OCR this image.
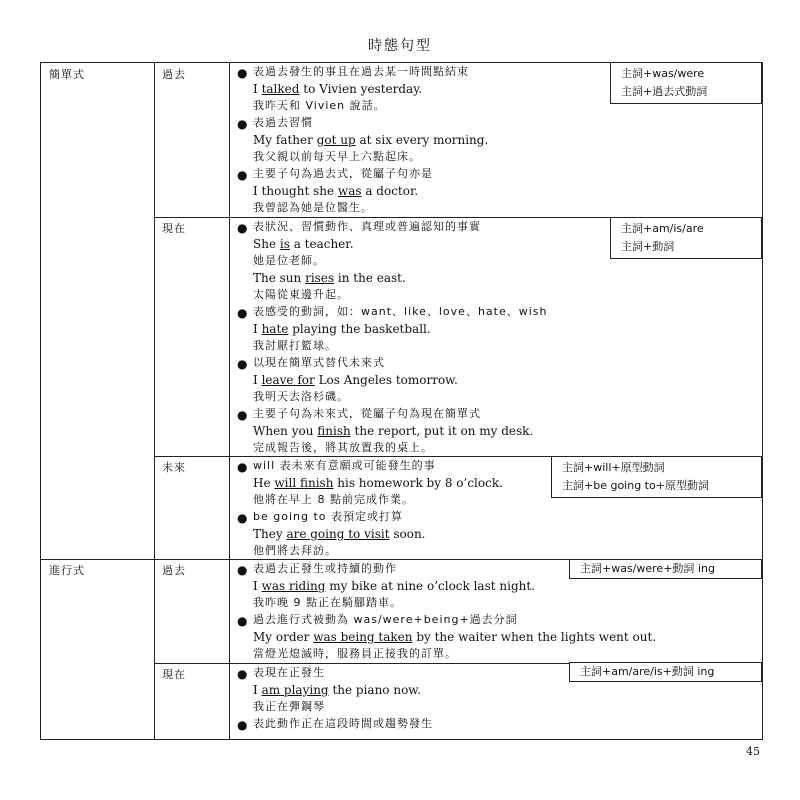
時態句型
簡單式
進行式
過去
現在
未來
過去
現在
● 表過去發生的事且在過去某一時間點結束
I talked to Vivien yesterday.
我昨天和 Vivien 說話。
● 表過去習慣
My father got up at six every morning.
我父親以前每天早上六點起床。
● 主要子句為過去式，從屬子句亦是
I thought she was a doctor.
我曾認為她是位醫生。
● 表狀況、習慣動作、真理或普遍認知的事實
She is a teacher.
她是位老師。
The sun rises in the east.
太陽從東邊升起。
● 表感受的動詞，如：want、like、love、hate、wish
I hate playing the basketball.
我討厭打籃球。
● 以現在簡單式替代未來式
I leave for Los Angeles tomorrow.
我明天去洛杉磯。
● 主要子句為未來式，從屬子句為現在簡單式
When you finish the report, put it on my desk.
完成報告後，將其放置我的桌上。
● will 表未來有意願或可能發生的事
He will finish his homework by 8 o’clock.
他將在早上 8 點前完成作業。
● be going to 表預定或打算
They are going to visit soon.
他們將去拜訪。
● 表過去正發生或持續的動作
I was riding my bike at nine o’clock last night.
我昨晚 9 點正在騎腳踏車。
● 過去進行式被動為 was/were+being+過去分詞
My order was being taken by the waiter when the lights went out.
當燈光熄滅時，服務員正接我的訂單。
● 表現在正發生
I am playing the piano now.
我正在彈鋼琴
● 表此動作正在這段時間或趨勢發生
主詞+was/were
主詞+過去式動詞
主詞+am/is/are
主詞+動詞
主詞+will+原型動詞
主詞+be going to+原型動詞
主詞+was/were+動詞 ing
主詞+am/are/is+動詞 ing
45
